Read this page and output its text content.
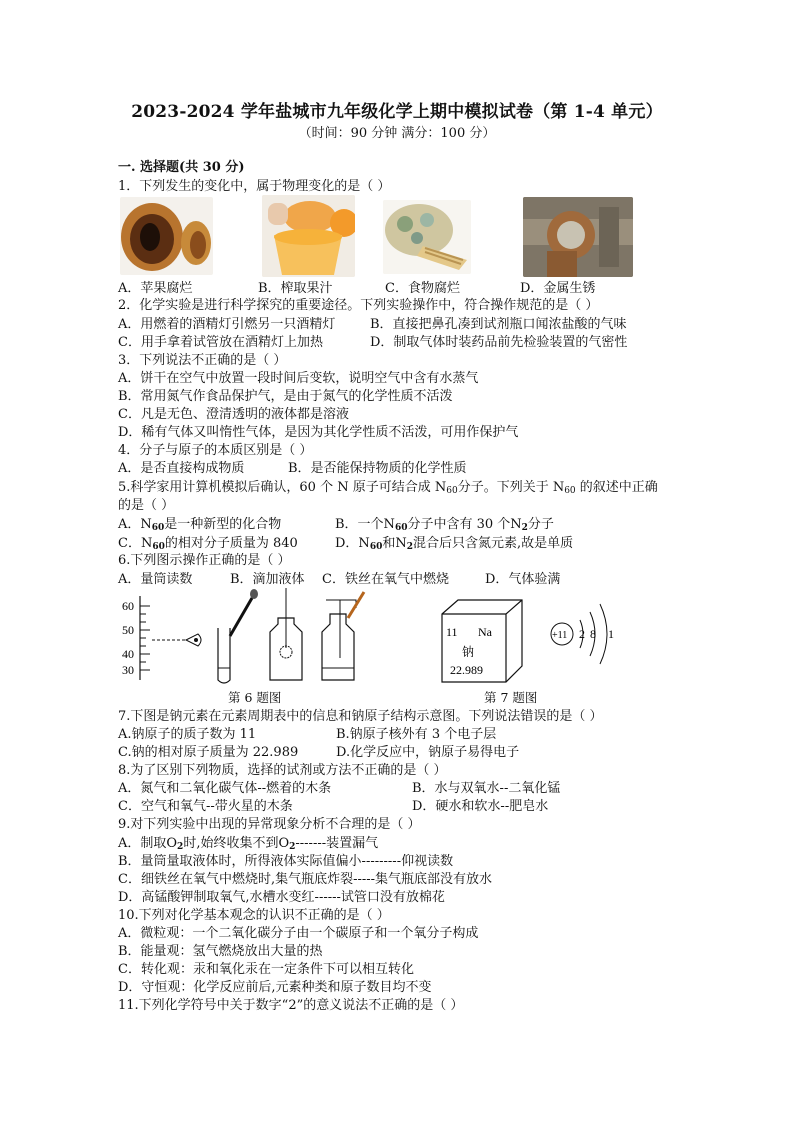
2023-2024 学年盐城市九年级化学上期中模拟试卷（第 1-4 单元）
（时间：90 分钟 满分：100 分）
一. 选择题(共 30 分)
1．下列发生的变化中，属于物理变化的是（ ）
A．苹果腐烂	B．榨取果汁	C．食物腐烂	D．金属生锈
2．化学实验是进行科学探究的重要途径。下列实验操作中，符合操作规范的是（ ）
A．用燃着的酒精灯引燃另一只酒精灯	B．直接把鼻孔凑到试剂瓶口闻浓盐酸的气味
C．用手拿着试管放在酒精灯上加热	D．制取气体时装药品前先检验装置的气密性
3．下列说法不正确的是（ ）
A．饼干在空气中放置一段时间后变软，说明空气中含有水蒸气
B．常用氮气作食品保护气，是由于氮气的化学性质不活泼
C．凡是无色、澄清透明的液体都是溶液
D．稀有气体又叫惰性气体，是因为其化学性质不活泼，可用作保护气
4．分子与原子的本质区别是（ ）
A．是否直接构成物质	B．是否能保持物质的化学性质
5.科学家用计算机模拟后确认，60 个 N 原子可结合成 $N_{60}$分子。下列关于 $N_{60}$ 的叙述中正确
的是（ ）
A．$N_{60}$是一种新型的化合物	B．一个$N_{60}$分子中含有 30 个$N_2$分子
C．$N_{60}$的相对分子质量为 840	D．$N_{60}$和$N_2$混合后只含氮元素,故是单质
6.下列图示操作正确的是（ ）
A．量筒读数	B．滴加液体 C．铁丝在氧气中燃烧	D．气体验满
60
50
40
30
第 6 题图
11 Na
钠
22.989
+11 2 8 1
第 7 题图
7.下图是钠元素在元素周期表中的信息和钠原子结构示意图。下列说法错误的是（ ）
A.钠原子的质子数为 11	B.钠原子核外有 3 个电子层
C.钠的相对原子质量为 22.989	D.化学反应中，钠原子易得电子
8.为了区别下列物质，选择的试剂或方法不正确的是（ ）
A．氮气和二氧化碳气体--燃着的木条	B．水与双氧水--二氧化锰
C．空气和氧气--带火星的木条	D．硬水和软水--肥皂水
9.对下列实验中出现的异常现象分析不合理的是（ ）
A．制取$O_2$时,始终收集不到$O_2-------$装置漏气
B．量筒量取液体时，所得液体实际值偏小---------仰视读数
C．细铁丝在氧气中燃烧时,集气瓶底炸裂-----集气瓶底部没有放水
D．高锰酸钾制取氧气,水槽水变红------试管口没有放棉花
10.下列对化学基本观念的认识不正确的是（ ）
A．微粒观：一个二氧化碳分子由一个碳原子和一个氧分子构成
B．能量观：氢气燃烧放出大量的热
C．转化观：汞和氧化汞在一定条件下可以相互转化
D．守恒观：化学反应前后,元素种类和原子数目均不变
11.下列化学符号中关于数字“2”的意义说法不正确的是（ ）
